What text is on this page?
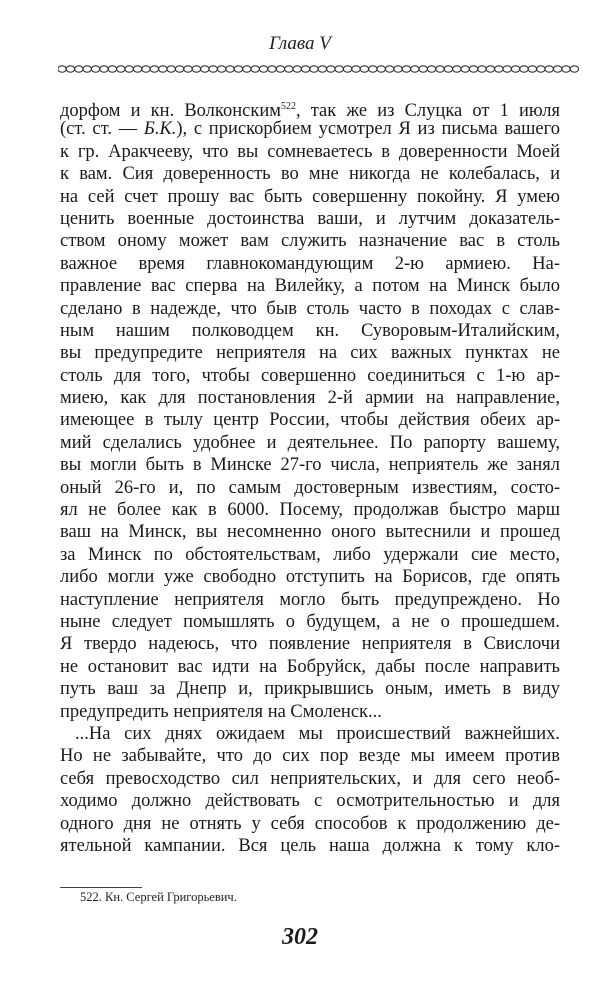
Глава V
дорфом и кн. Волконским$^{522}$, так же из Слуцка от 1 июля
(ст. ст. — Б.К.), с прискорбием усмотрел Я из письма вашего
к гр. Аракчееву, что вы сомневаетесь в доверенности Моей
к вам. Сия доверенность во мне никогда не колебалась, и
на сей счет прошу вас быть совершенну покойну. Я умею
ценить военные достоинства ваши, и лутчим доказатель-
ством оному может вам служить назначение вас в столь
важное время главнокомандующим 2-ю армиею. На-
правление вас сперва на Вилейку, а потом на Минск было
сделано в надежде, что быв столь часто в походах с слав-
ным нашим полководцем кн. Суворовым-Италийским,
вы предупредите неприятеля на сих важных пунктах не
столь для того, чтобы совершенно соединиться с 1-ю ар-
миею, как для постановления 2-й армии на направление,
имеющее в тылу центр России, чтобы действия обеих ар-
мий сделались удобнее и деятельнее. По рапорту вашему,
вы могли быть в Минске 27-го числа, неприятель же занял
оный 26-го и, по самым достоверным известиям, состо-
ял не более как в 6000. Посему, продолжав быстро марш
ваш на Минск, вы несомненно оного вытеснили и прошед
за Минск по обстоятельствам, либо удержали сие место,
либо могли уже свободно отступить на Борисов, где опять
наступление неприятеля могло быть предупреждено. Но
ныне следует помышлять о будущем, а не о прошедшем.
Я твердо надеюсь, что появление неприятеля в Свислочи
не остановит вас идти на Бобруйск, дабы после направить
путь ваш за Днепр и, прикрывшись оным, иметь в виду
предупредить неприятеля на Смоленск...
...На сих днях ожидаем мы происшествий важнейших.
Но не забывайте, что до сих пор везде мы имеем против
себя превосходство сил неприятельских, и для сего необ-
ходимо должно действовать с осмотрительностью и для
одного дня не отнять у себя способов к продолжению де-
ятельной кампании. Вся цель наша должна к тому кло-
522. Кн. Сергей Григорьевич.
302
